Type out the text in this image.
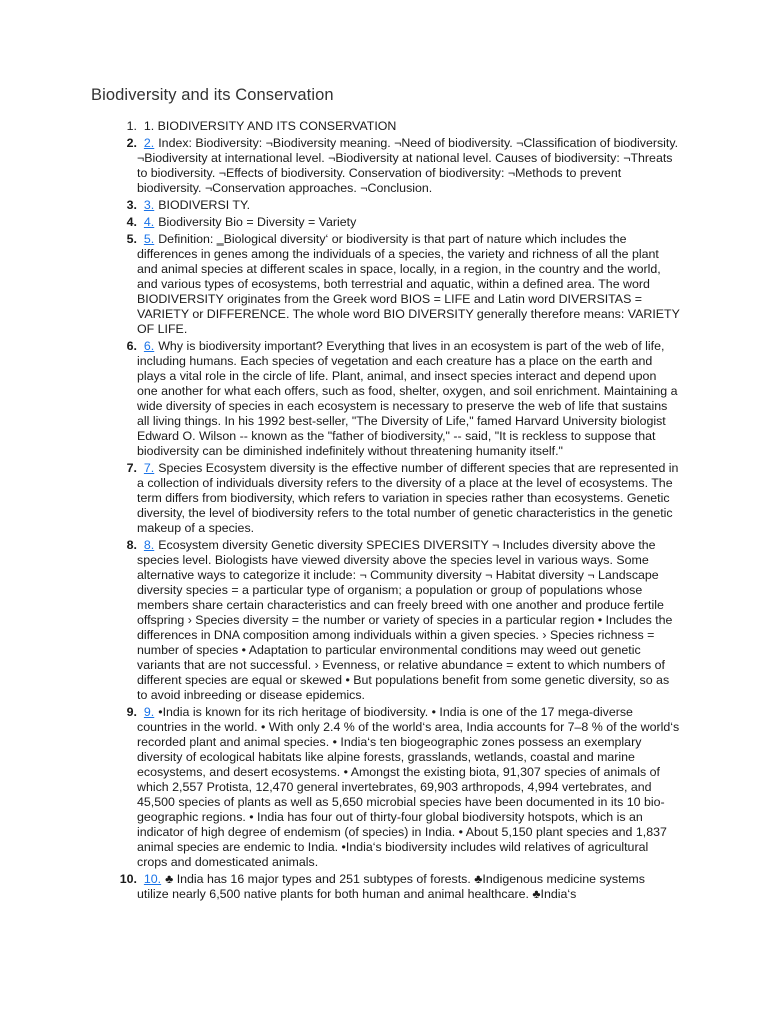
Biodiversity and its Conservation
1. 1. BIODIVERSITY AND ITS CONSERVATION
2. 2. Index: Biodiversity: ¬Biodiversity meaning. ¬Need of biodiversity. ¬Classification of biodiversity. ¬Biodiversity at international level. ¬Biodiversity at national level. Causes of biodiversity: ¬Threats to biodiversity. ¬Effects of biodiversity. Conservation of biodiversity: ¬Methods to prevent biodiversity. ¬Conservation approaches. ¬Conclusion.
3. 3. BIODIVERSI TY.
4. 4. Biodiversity Bio = Diversity = Variety
5. 5. Definition: ‗Biological diversity‘ or biodiversity is that part of nature which includes the differences in genes among the individuals of a species, the variety and richness of all the plant and animal species at different scales in space, locally, in a region, in the country and the world, and various types of ecosystems, both terrestrial and aquatic, within a defined area. The word BIODIVERSITY originates from the Greek word BIOS = LIFE and Latin word DIVERSITAS = VARIETY or DIFFERENCE. The whole word BIO DIVERSITY generally therefore means: VARIETY OF LIFE.
6. 6. Why is biodiversity important? Everything that lives in an ecosystem is part of the web of life, including humans. Each species of vegetation and each creature has a place on the earth and plays a vital role in the circle of life. Plant, animal, and insect species interact and depend upon one another for what each offers, such as food, shelter, oxygen, and soil enrichment. Maintaining a wide diversity of species in each ecosystem is necessary to preserve the web of life that sustains all living things. In his 1992 best-seller, "The Diversity of Life," famed Harvard University biologist Edward O. Wilson -- known as the "father of biodiversity," -- said, "It is reckless to suppose that biodiversity can be diminished indefinitely without threatening humanity itself."
7. 7. Species Ecosystem diversity is the effective number of different species that are represented in a collection of individuals diversity refers to the diversity of a place at the level of ecosystems. The term differs from biodiversity, which refers to variation in species rather than ecosystems. Genetic diversity, the level of biodiversity refers to the total number of genetic characteristics in the genetic makeup of a species.
8. 8. Ecosystem diversity Genetic diversity SPECIES DIVERSITY ¬ Includes diversity above the species level. Biologists have viewed diversity above the species level in various ways. Some alternative ways to categorize it include: ¬ Community diversity ¬ Habitat diversity ¬ Landscape diversity species = a particular type of organism; a population or group of populations whose members share certain characteristics and can freely breed with one another and produce fertile offspring › Species diversity = the number or variety of species in a particular region • Includes the differences in DNA composition among individuals within a given species. › Species richness = number of species • Adaptation to particular environmental conditions may weed out genetic variants that are not successful. › Evenness, or relative abundance = extent to which numbers of different species are equal or skewed • But populations benefit from some genetic diversity, so as to avoid inbreeding or disease epidemics.
9. 9. •India is known for its rich heritage of biodiversity. • India is one of the 17 mega-diverse countries in the world. • With only 2.4 % of the world‘s area, India accounts for 7–8 % of the world‘s recorded plant and animal species. • India‘s ten biogeographic zones possess an exemplary diversity of ecological habitats like alpine forests, grasslands, wetlands, coastal and marine ecosystems, and desert ecosystems. • Amongst the existing biota, 91,307 species of animals of which 2,557 Protista, 12,470 general invertebrates, 69,903 arthropods, 4,994 vertebrates, and 45,500 species of plants as well as 5,650 microbial species have been documented in its 10 bio-geographic regions. • India has four out of thirty-four global biodiversity hotspots, which is an indicator of high degree of endemism (of species) in India. • About 5,150 plant species and 1,837 animal species are endemic to India. •India‘s biodiversity includes wild relatives of agricultural crops and domesticated animals.
10. 10. ♣ India has 16 major types and 251 subtypes of forests. ♣Indigenous medicine systems utilize nearly 6,500 native plants for both human and animal healthcare. ♣India‘s
